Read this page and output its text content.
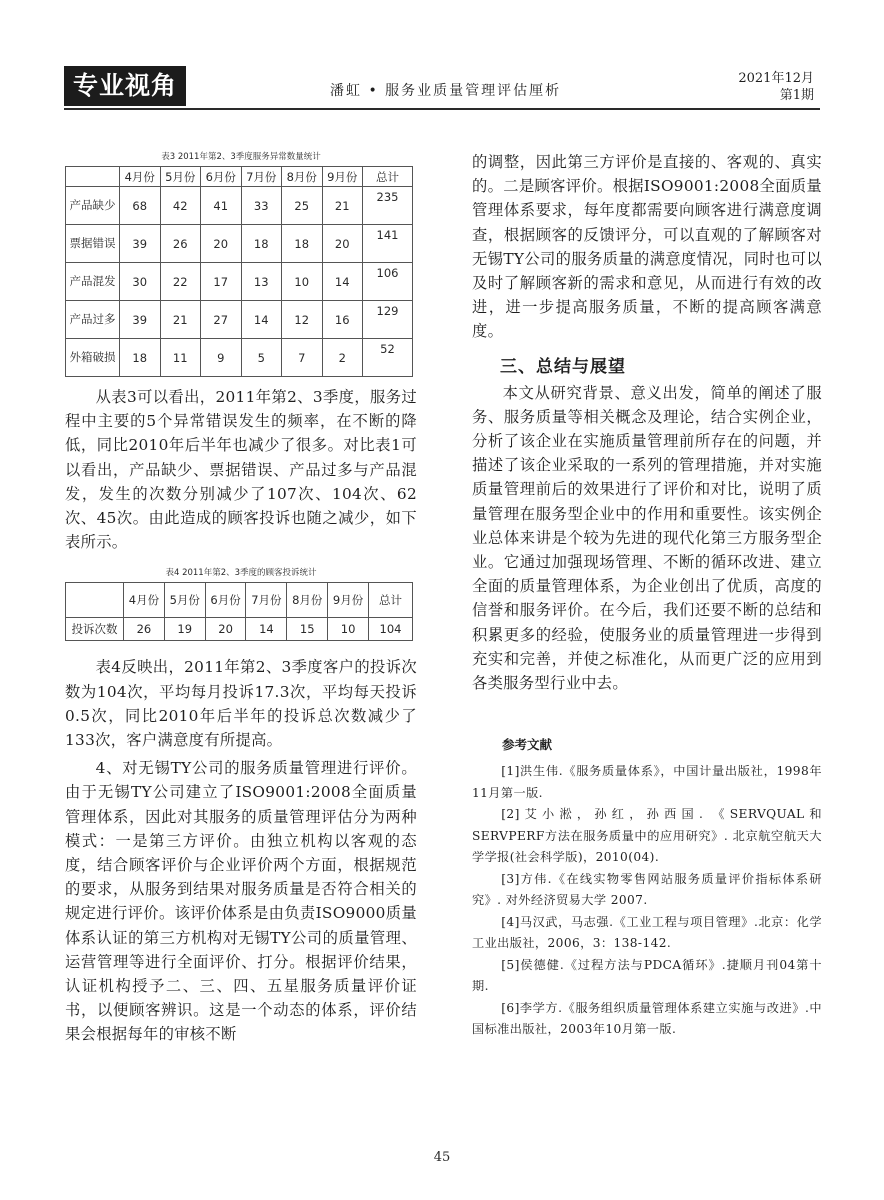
专业视角	潘虹 • 服务业质量管理评估厘析
2021年12月
第1期
表3 2011年第2、3季度服务异常数量统计
	4月份	5月份	6月份	7月份	8月份	9月份	总计
产品缺少	68	42	41	33	25	21	235
票据错误	39	26	20	18	18	20	141
产品混发	30	22	17	13	10	14	106
产品过多	39	21	27	14	12	16	129
外箱破损	18	11	9	5	7	2	52

从表3可以看出，2011年第2、3季度，服务过程中主要的5个异常错误发生的频率，在不断的降低，同比2010年后半年也减少了很多。对比表1可以看出，产品缺少、票据错误、产品过多与产品混发，发生的次数分别减少了107次、104次、62次、45次。由此造成的顾客投诉也随之减少，如下表所示。

表4 2011年第2、3季度的顾客投诉统计
	4月份	5月份	6月份	7月份	8月份	9月份	总计
投诉次数	26	19	20	14	15	10	104

表4反映出，2011年第2、3季度客户的投诉次数为104次，平均每月投诉17.3次，平均每天投诉0.5次，同比2010年后半年的投诉总次数减少了133次，客户满意度有所提高。

4、对无锡TY公司的服务质量管理进行评价。由于无锡TY公司建立了ISO9001:2008全面质量管理体系，因此对其服务的质量管理评估分为两种模式：一是第三方评价。由独立机构以客观的态度，结合顾客评价与企业评价两个方面，根据规范的要求，从服务到结果对服务质量是否符合相关的规定进行评价。该评价体系是由负责ISO9000质量体系认证的第三方机构对无锡TY公司的质量管理、运营管理等进行全面评价、打分。根据评价结果，认证机构授予二、三、四、五星服务质量评价证书，以便顾客辨识。这是一个动态的体系，评价结果会根据每年的审核不断

的调整，因此第三方评价是直接的、客观的、真实的。二是顾客评价。根据ISO9001:2008全面质量管理体系要求，每年度都需要向顾客进行满意度调查，根据顾客的反馈评分，可以直观的了解顾客对无锡TY公司的服务质量的满意度情况，同时也可以及时了解顾客新的需求和意见，从而进行有效的改进，进一步提高服务质量，不断的提高顾客满意度。

三、总结与展望

本文从研究背景、意义出发，简单的阐述了服务、服务质量等相关概念及理论，结合实例企业，分析了该企业在实施质量管理前所存在的问题，并描述了该企业采取的一系列的管理措施，并对实施质量管理前后的效果进行了评价和对比，说明了质量管理在服务型企业中的作用和重要性。该实例企业总体来讲是个较为先进的现代化第三方服务型企业。它通过加强现场管理、不断的循环改进、建立全面的质量管理体系，为企业创出了优质，高度的信誉和服务评价。在今后，我们还要不断的总结和积累更多的经验，使服务业的质量管理进一步得到充实和完善，并使之标准化，从而更广泛的应用到各类服务型行业中去。

参考文献

[1]洪生伟.《服务质量体系》，中国计量出版社，1998年11月第一版.

[2]艾小淞，孙红，孙西国. 《SERVQUAL和SERVPERF方法在服务质量中的应用研究》. 北京航空航天大学学报(社会科学版)，2010(04).

[3]方伟.《在线实物零售网站服务质量评价指标体系研究》. 对外经济贸易大学 2007.

[4]马汉武，马志强.《工业工程与项目管理》.北京：化学工业出版社，2006，3：138-142.

[5]侯德健.《过程方法与PDCA循环》.捷顺月刊04第十期.

[6]李学方.《服务组织质量管理体系建立实施与改进》.中国标准出版社，2003年10月第一版.

45
